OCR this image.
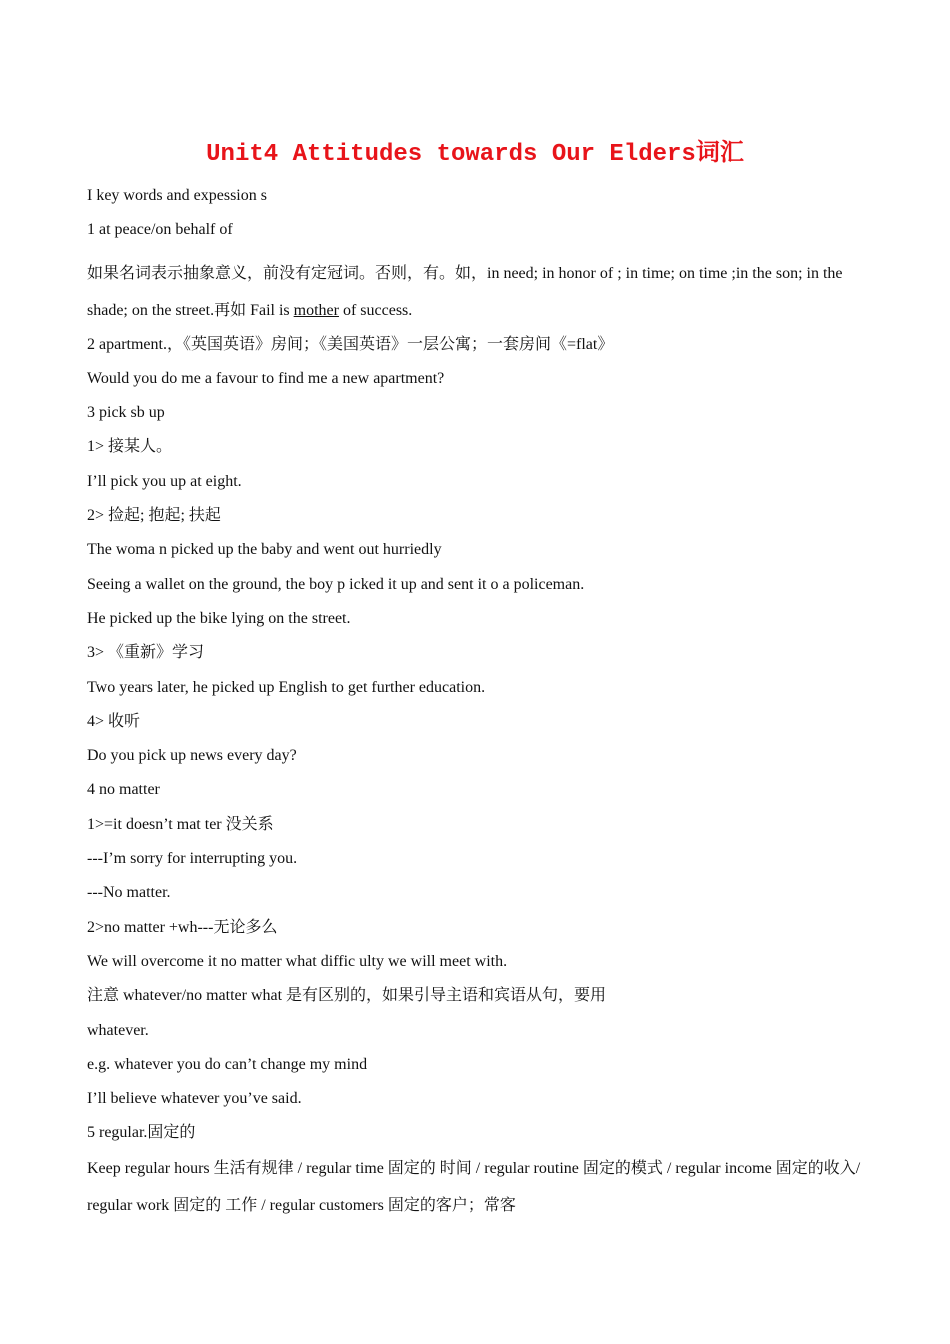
Unit4 Attitudes towards Our Elders词汇
I key words and expession s
1 at peace/on behalf of
如果名词表示抽象意义，前没有定冠词。否则，有。如，in need; in honor of ; in time; on time ;in the son; in the shade; on the street.再如 Fail is mother of success.
2 apartment.，《英国英语》房间；《美国英语》一层公寓；一套房间《=flat》
Would you do me a favour to find me a new apartment?
3 pick sb up
1> 接某人。
I’ll pick you up at eight.
2> 捡起; 抱起; 扶起
The woma n picked up the baby and went out hurriedly
Seeing a wallet on the ground, the boy p icked it up and sent it o a policeman.
He picked up the bike lying on the street.
3> 《重新》学习
Two years later, he picked up English to get further education.
4> 收听
Do you pick up news every day?
4 no matter
1>=it doesn’t mat ter 没关系
---I’m sorry for interrupting you.
---No matter.
2>no matter +wh---无论多么
We will overcome it no matter what diffic ulty we will meet with.
注意 whatever/no matter what 是有区别的，如果引导主语和宾语从句，要用
whatever.
e.g. whatever you do can’t change my mind
I’ll believe whatever you’ve said.
5 regular.固定的
Keep regular hours 生活有规律 / regular time 固定的 时间 / regular routine 固定的模式 / regular income 固定的收入/ regular work 固定的 工作 / regular customers 固定的客户；常客
